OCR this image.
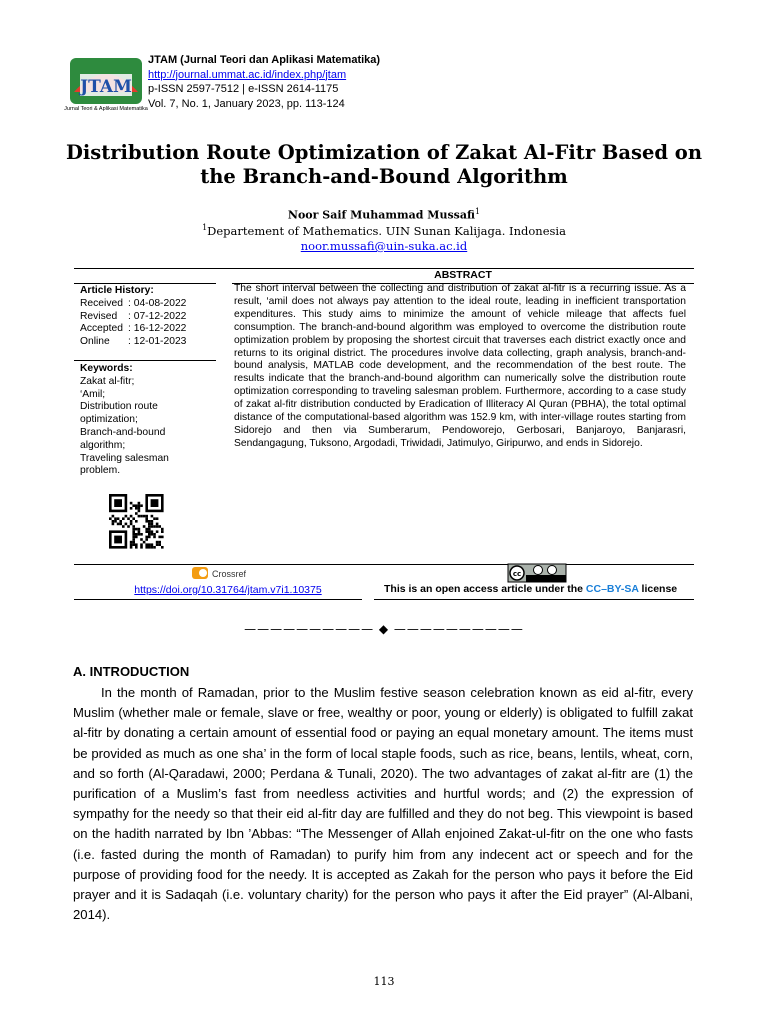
JTAM
Jurnal Teori & Aplikasi Matematika
JTAM (Jurnal Teori dan Aplikasi Matematika)
http://journal.ummat.ac.id/index.php/jtam
p-ISSN 2597-7512 | e-ISSN 2614-1175
Vol. 7, No. 1, January 2023, pp. 113-124
Distribution Route Optimization of Zakat Al-Fitr Based on the Branch-and-Bound Algorithm
Noor Saif Muhammad Mussafi$^1$
$^1$Departement of Mathematics. UIN Sunan Kalijaga. Indonesia
noor.mussafi@uin-suka.ac.id
Article History:
Received : 04-08-2022
Revised	: 07-12-2022
Accepted : 16-12-2022
Online	: 12-01-2023
Keywords:
Zakat al-fitr;
‘Amil;
Distribution route optimization;
Branch-and-bound algorithm;
Traveling salesman problem.
ABSTRACT
The short interval between the collecting and distribution of zakat al-fitr is a recurring issue. As a result, ‘amil does not always pay attention to the ideal route, leading in inefficient transportation expenditures. This study aims to minimize the amount of vehicle mileage that affects fuel consumption. The branch-and-bound algorithm was employed to overcome the distribution route optimization problem by proposing the shortest circuit that traverses each district exactly once and returns to its original district. The procedures involve data collecting, graph analysis, branch-and-bound analysis, MATLAB code development, and the recommendation of the best route. The results indicate that the branch-and-bound algorithm can numerically solve the distribution route optimization corresponding to traveling salesman problem. Furthermore, according to a case study of zakat al-fitr distribution conducted by Eradication of Illiteracy Al Quran (PBHA), the total optimal distance of the computational-based algorithm was 152.9 km, with inter-village routes starting from Sidorejo and then via Sumberarum, Pendoworejo, Gerbosari, Banjaroyo, Banjarasri, Sendangagung, Tuksono, Argodadi, Triwidadi, Jatimulyo, Giripurwo, and ends in Sidorejo.
Crossref
https://doi.org/10.31764/jtam.v7i1.10375
cc
This is an open access article under the CC–BY-SA license
—————————— ◆ ——————————
A. INTRODUCTION
In the month of Ramadan, prior to the Muslim festive season celebration known as eid al-fitr, every Muslim (whether male or female, slave or free, wealthy or poor, young or elderly) is obligated to fulfill zakat al-fitr by donating a certain amount of essential food or paying an equal monetary amount. The items must be provided as much as one sha’ in the form of local staple foods, such as rice, beans, lentils, wheat, corn, and so forth (Al-Qaradawi, 2000; Perdana & Tunali, 2020). The two advantages of zakat al-fitr are (1) the purification of a Muslim’s fast from needless activities and hurtful words; and (2) the expression of sympathy for the needy so that their eid al-fitr day are fulfilled and they do not beg. This viewpoint is based on the hadith narrated by Ibn ’Abbas: “The Messenger of Allah enjoined Zakat-ul-fitr on the one who fasts (i.e. fasted during the month of Ramadan) to purify him from any indecent act or speech and for the purpose of providing food for the needy. It is accepted as Zakah for the person who pays it before the Eid prayer and it is Sadaqah (i.e. voluntary charity) for the person who pays it after the Eid prayer” (Al-Albani, 2014).
113
